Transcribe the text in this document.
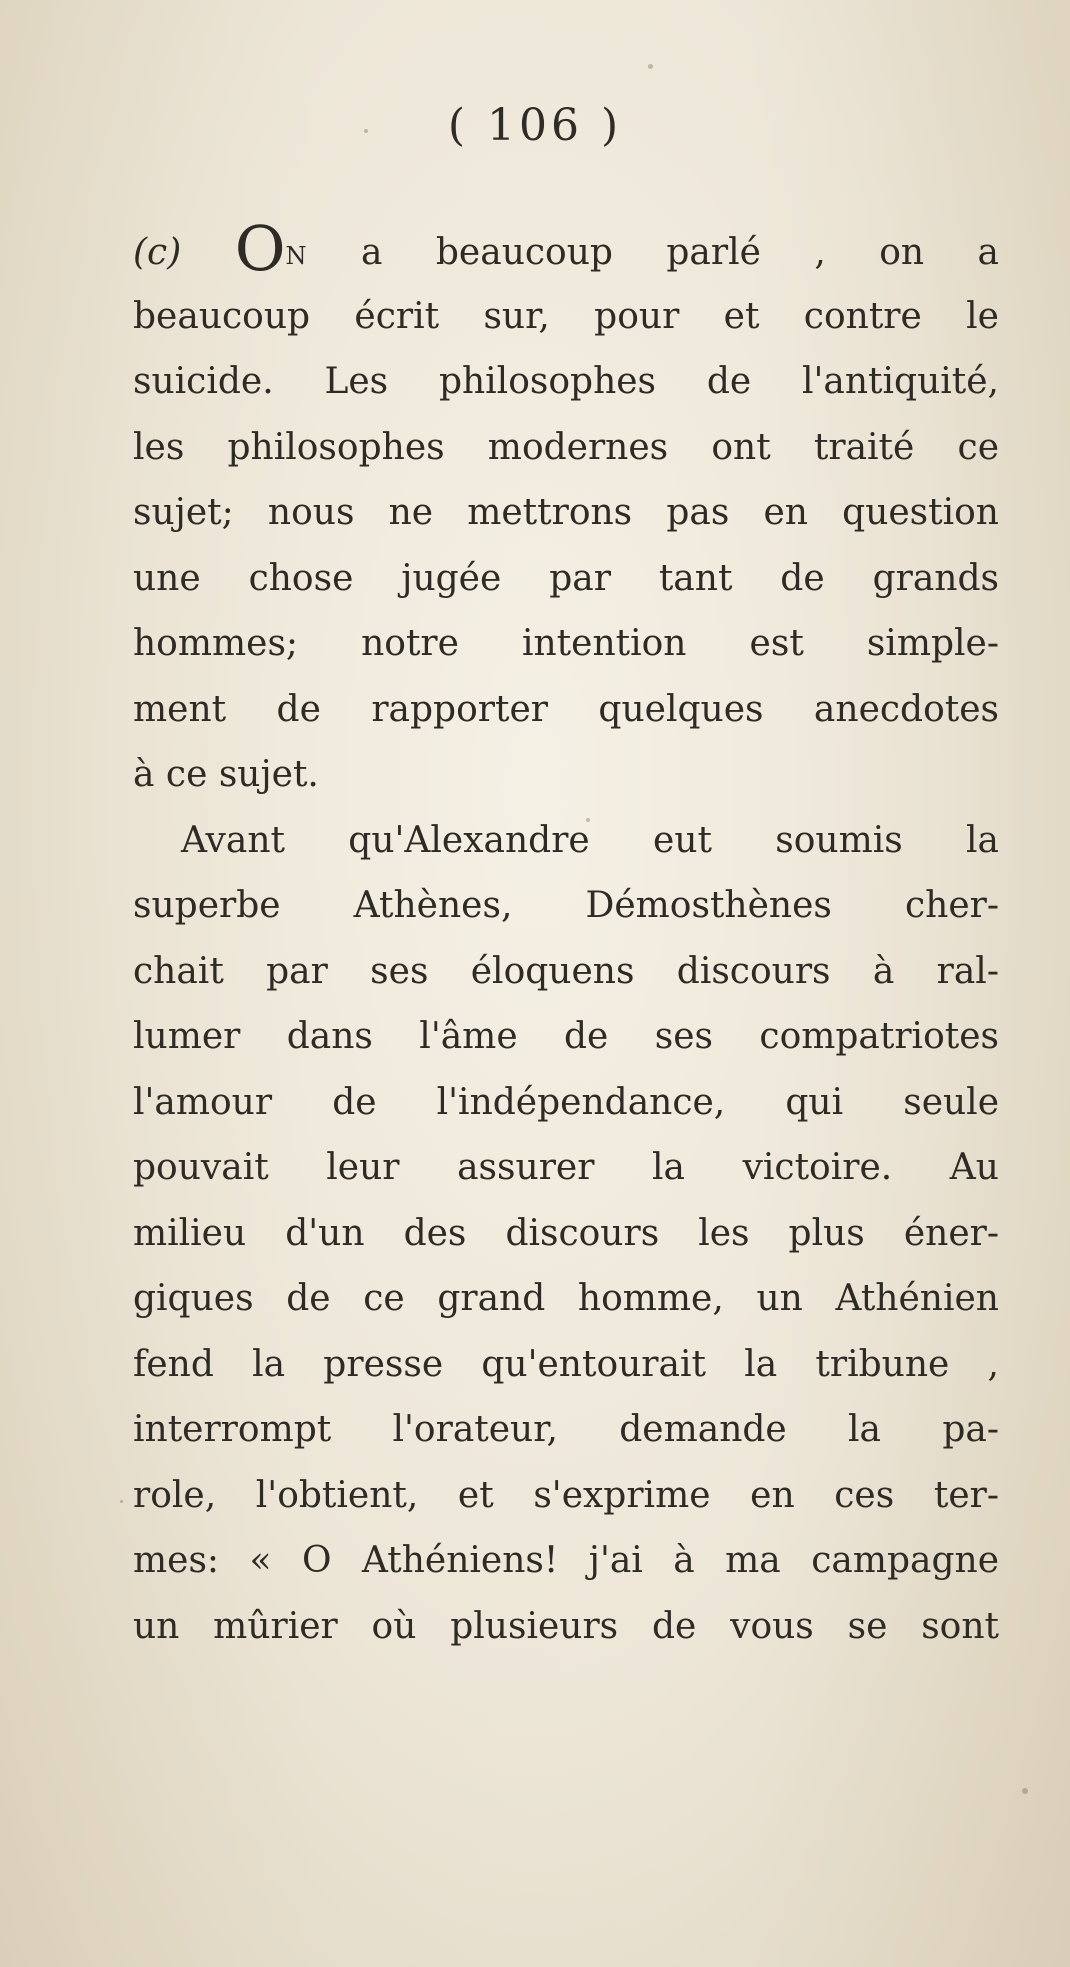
( 106 )
(c) ON a beaucoup parlé , on a
beaucoup écrit sur, pour et contre le
suicide. Les philosophes de l'antiquité,
les philosophes modernes ont traité ce
sujet; nous ne mettrons pas en question
une chose jugée par tant de grands
hommes; notre intention est simple-
ment de rapporter quelques anecdotes
à ce sujet.
Avant qu'Alexandre eut soumis la
superbe Athènes, Démosthènes cher-
chait par ses éloquens discours à ral-
lumer dans l'âme de ses compatriotes
l'amour de l'indépendance, qui seule
pouvait leur assurer la victoire. Au
milieu d'un des discours les plus éner-
giques de ce grand homme, un Athénien
fend la presse qu'entourait la tribune ,
interrompt l'orateur, demande la pa-
role, l'obtient, et s'exprime en ces ter-
mes: « O Athéniens! j'ai à ma campagne
un mûrier où plusieurs de vous se sont
